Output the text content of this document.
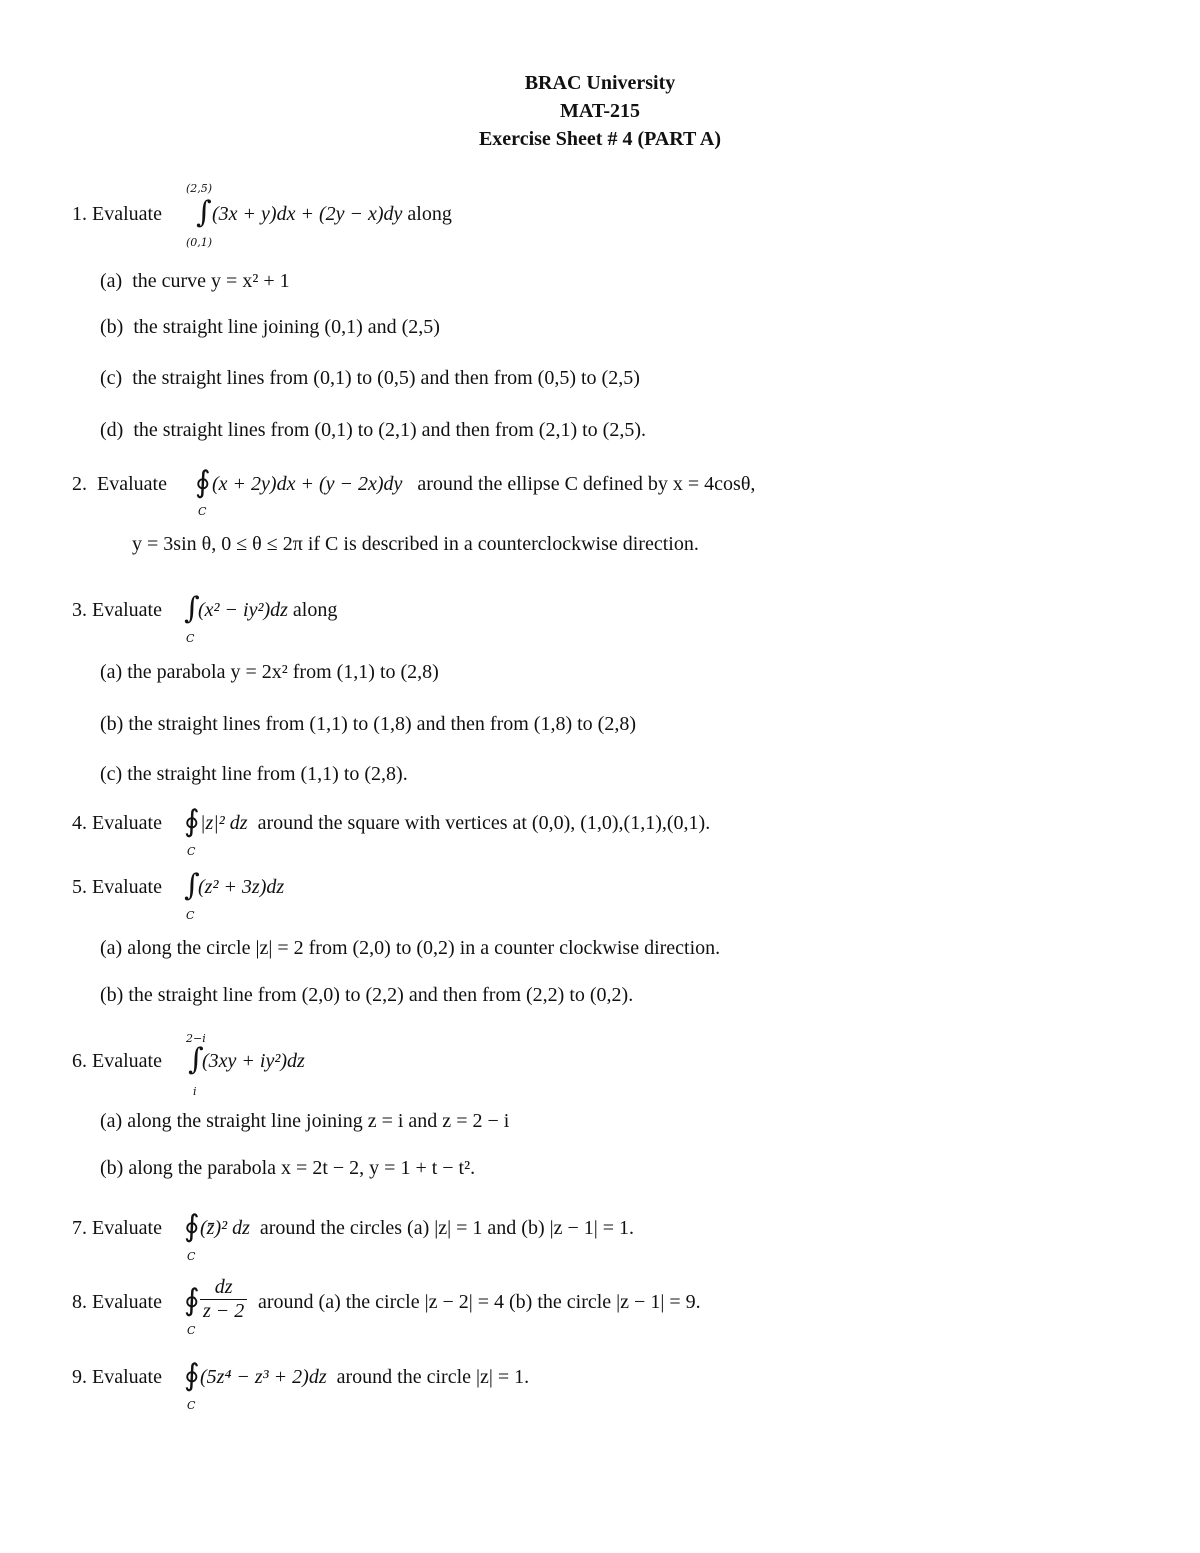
BRAC University
MAT-215
Exercise Sheet # 4 (PART A)
(2,5)
∫
(0,1)
1. Evaluate	(3x + y)dx + (2y − x)dy along
(a) the curve y = x² + 1
(b) the straight line joining (0,1) and (2,5)
(c) the straight lines from (0,1) to (0,5) and then from (0,5) to (2,5)
(d) the straight lines from (0,1) to (2,1) and then from (2,1) to (2,5).
∮
C
2. Evaluate (x + 2y)dx + (y − 2x)dy around the ellipse C defined by x = 4cosθ,
y = 3sin θ, 0 ≤ θ ≤ 2π if C is described in a counterclockwise direction.
∫
C
3. Evaluate (x² − iy²)dz along
(a) the parabola y = 2x² from (1,1) to (2,8)
(b) the straight lines from (1,1) to (1,8) and then from (1,8) to (2,8)
(c) the straight line from (1,1) to (2,8).
∮
C
4. Evaluate |z|² dz around the square with vertices at (0,0), (1,0),(1,1),(0,1).
∫
C
5. Evaluate (z² + 3z)dz
(a) along the circle |z| = 2 from (2,0) to (0,2) in a counter clockwise direction.
(b) the straight line from (2,0) to (2,2) and then from (2,2) to (0,2).
2−i
∫
i
6. Evaluate (3xy + iy²)dz
(a) along the straight line joining z = i and z = 2 − i
(b) along the parabola x = 2t − 2, y = 1 + t − t².
∮
C
7. Evaluate (z̄)² dz around the circles (a) |z| = 1 and (b) |z − 1| = 1.
∮
C
8. Evaluate $\frac{dz}{z - 2}$ around (a) the circle |z − 2| = 4 (b) the circle |z − 1| = 9.
∮
C
9. Evaluate (5z⁴ − z³ + 2)dz around the circle |z| = 1.
